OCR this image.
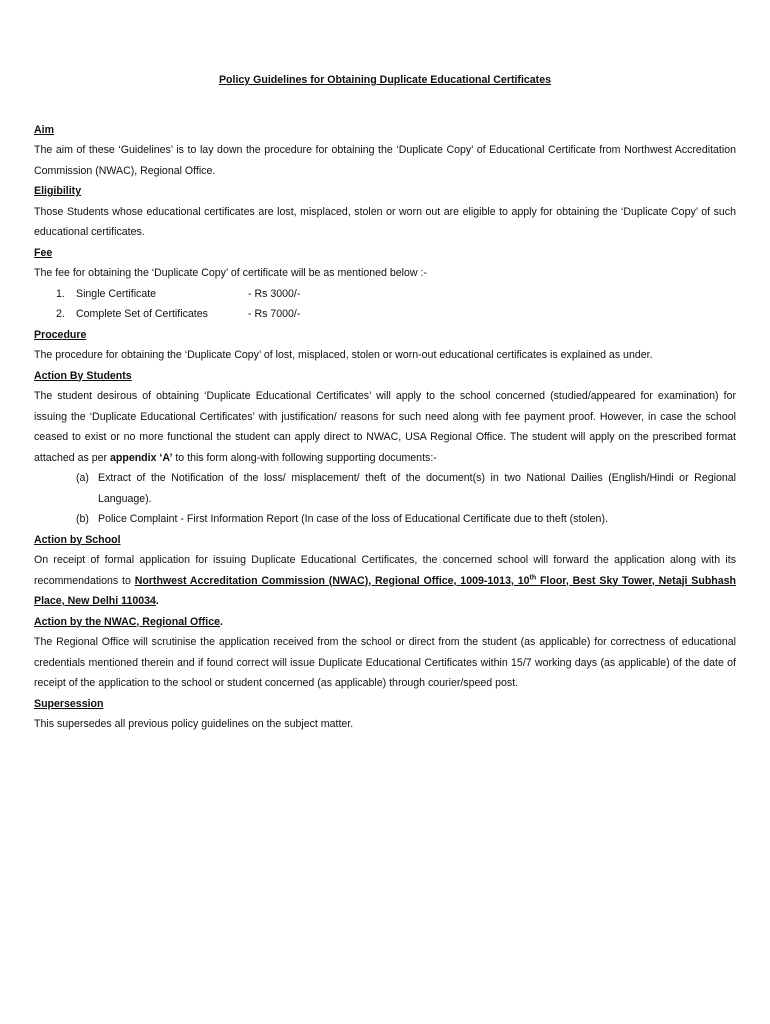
Policy Guidelines for Obtaining Duplicate Educational Certificates
Aim
The aim of these ‘Guidelines’ is to lay down the procedure for obtaining the ‘Duplicate Copy’ of Educational Certificate from Northwest Accreditation Commission (NWAC), Regional Office.
Eligibility
Those Students whose educational certificates are lost, misplaced, stolen or worn out are eligible to apply for obtaining the ‘Duplicate Copy’ of such educational certificates.
Fee
The fee for obtaining the ‘Duplicate Copy’ of certificate will be as mentioned below :-
1.	Single Certificate	- Rs 3000/-
2.	Complete Set of Certificates	- Rs 7000/-
Procedure
The procedure for obtaining the ‘Duplicate Copy’ of lost, misplaced, stolen or worn-out educational certificates is explained as under.
Action By Students
The student desirous of obtaining ‘Duplicate Educational Certificates’ will apply to the school concerned (studied/appeared for examination) for issuing the ‘Duplicate Educational Certificates’ with justification/ reasons for such need along with fee payment proof. However, in case the school ceased to exist or no more functional the student can apply direct to NWAC, USA Regional Office. The student will apply on the prescribed format attached as per appendix ‘A’ to this form along-with following supporting documents:-
(a) Extract of the Notification of the loss/ misplacement/ theft of the document(s) in two National Dailies (English/Hindi or Regional Language).
(b) Police Complaint - First Information Report (In case of the loss of Educational Certificate due to theft (stolen).
Action by School
On receipt of formal application for issuing Duplicate Educational Certificates, the concerned school will forward the application along with its recommendations to Northwest Accreditation Commission (NWAC), Regional Office, 1009-1013, 10th Floor, Best Sky Tower, Netaji Subhash Place, New Delhi 110034.
Action by the NWAC, Regional Office.
The Regional Office will scrutinise the application received from the school or direct from the student (as applicable) for correctness of educational credentials mentioned therein and if found correct will issue Duplicate Educational Certificates within 15/7 working days (as applicable) of the date of receipt of the application to the school or student concerned (as applicable) through courier/speed post.
Supersession
This supersedes all previous policy guidelines on the subject matter.
